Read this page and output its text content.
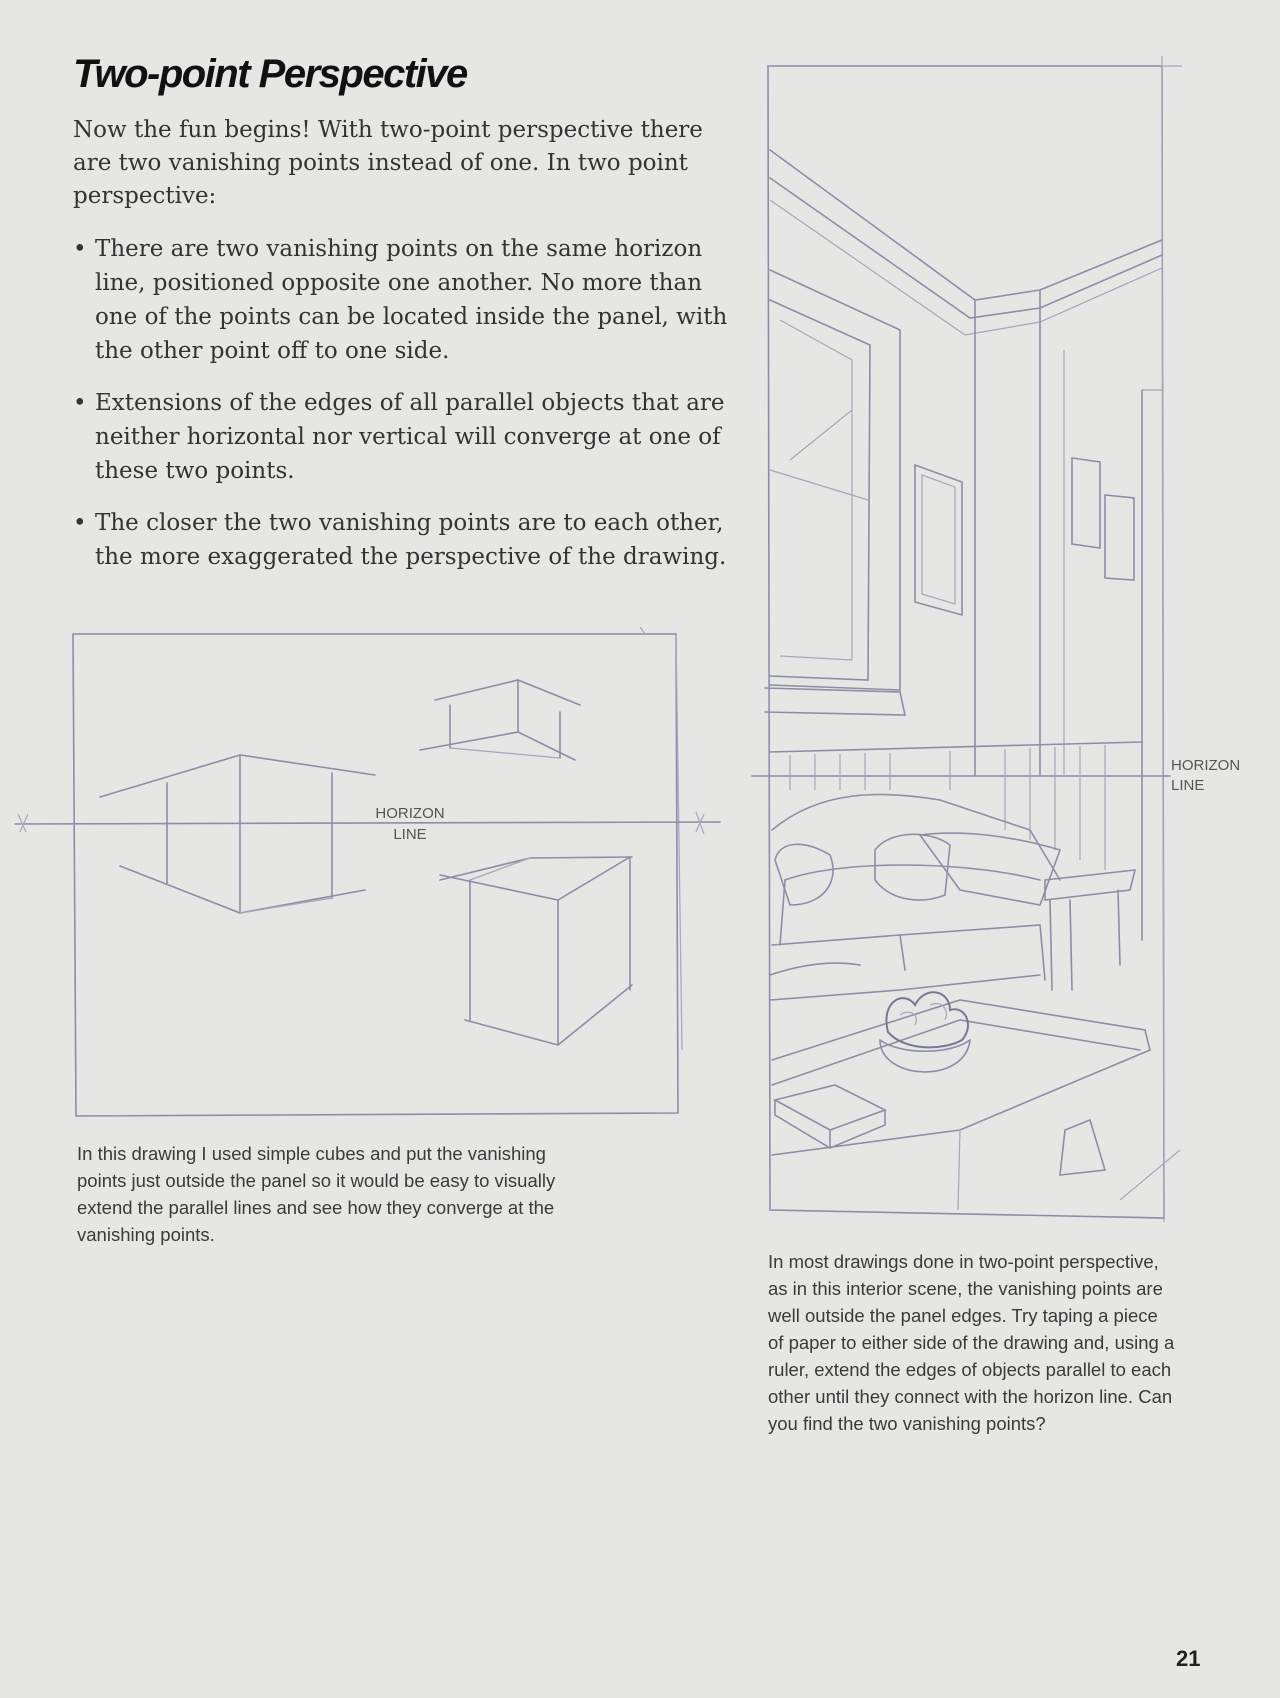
Two-point Perspective

Now the fun begins! With two-point perspective there are two vanishing points instead of one. In two point perspective:

• There are two vanishing points on the same horizon line, positioned opposite one another. No more than one of the points can be located inside the panel, with the other point off to one side.
• Extensions of the edges of all parallel objects that are neither horizontal nor vertical will converge at one of these two points.
• The closer the two vanishing points are to each other, the more exaggerated the perspective of the drawing.
HORIZON
LINE

In this drawing I used simple cubes and put the vanishing points just outside the panel so it would be easy to visually extend the parallel lines and see how they converge at the vanishing points.

HORIZON
LINE

In most drawings done in two-point perspective, as in this interior scene, the vanishing points are well outside the panel edges. Try taping a piece of paper to either side of the drawing and, using a ruler, extend the edges of objects parallel to each other until they connect with the horizon line. Can you find the two vanishing points?

21
